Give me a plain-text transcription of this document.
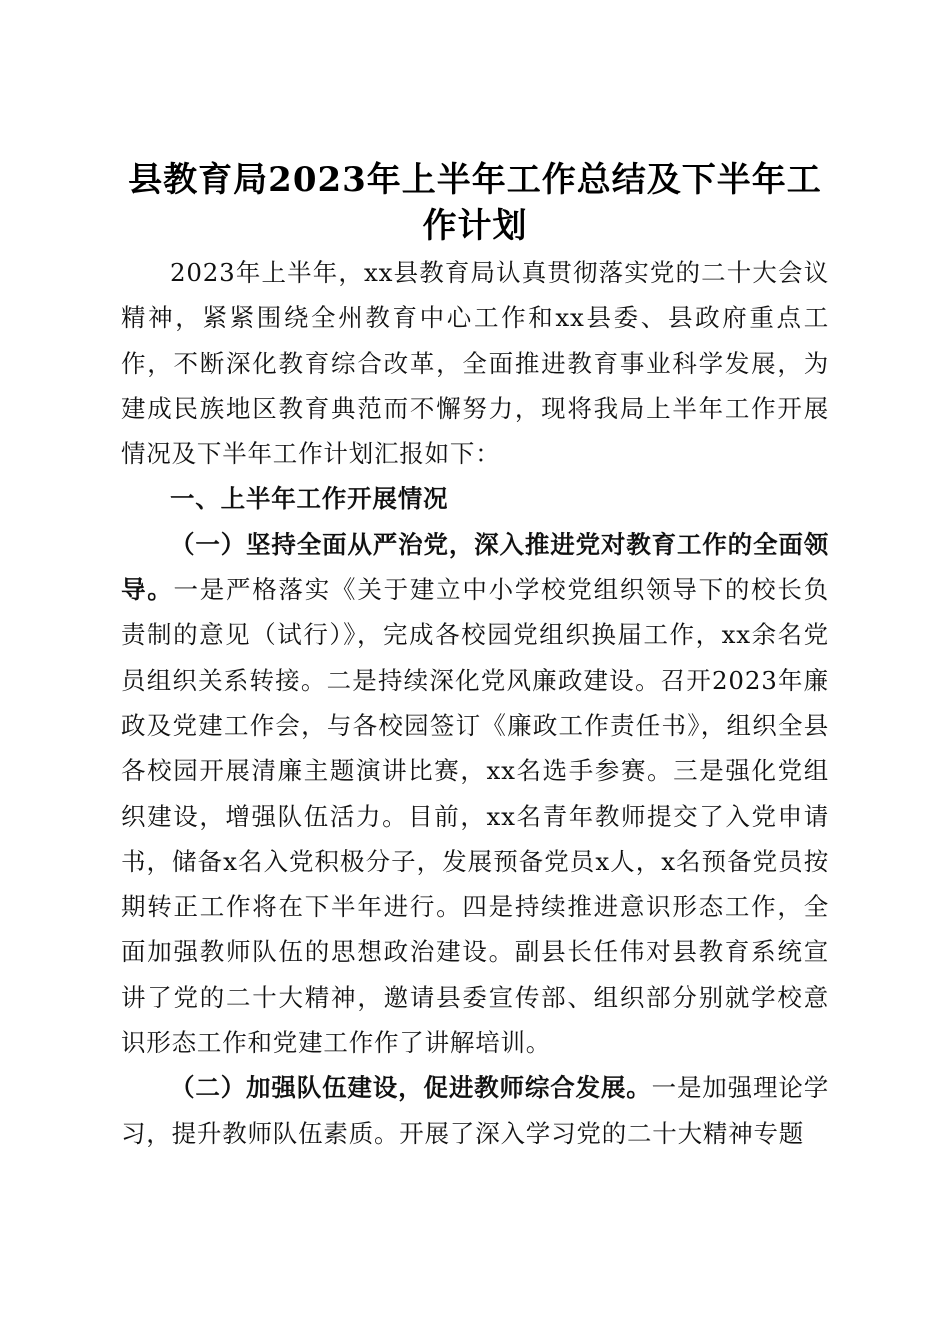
县教育局2023年上半年工作总结及下半年工作计划

2023年上半年，xx县教育局认真贯彻落实党的二十大会议精神，紧紧围绕全州教育中心工作和xx县委、县政府重点工作，不断深化教育综合改革，全面推进教育事业科学发展，为建成民族地区教育典范而不懈努力，现将我局上半年工作开展情况及下半年工作计划汇报如下：

一、上半年工作开展情况

（一）坚持全面从严治党，深入推进党对教育工作的全面领导。一是严格落实《关于建立中小学校党组织领导下的校长负责制的意见（试行）》，完成各校园党组织换届工作，xx余名党员组织关系转接。二是持续深化党风廉政建设。召开2023年廉政及党建工作会，与各校园签订《廉政工作责任书》，组织全县各校园开展清廉主题演讲比赛，xx名选手参赛。三是强化党组织建设，增强队伍活力。目前，xx名青年教师提交了入党申请书，储备x名入党积极分子，发展预备党员x人，x名预备党员按期转正工作将在下半年进行。四是持续推进意识形态工作，全面加强教师队伍的思想政治建设。副县长任伟对县教育系统宣讲了党的二十大精神，邀请县委宣传部、组织部分别就学校意识形态工作和党建工作作了讲解培训。

（二）加强队伍建设，促进教师综合发展。一是加强理论学习，提升教师队伍素质。开展了深入学习党的二十大精神专题
